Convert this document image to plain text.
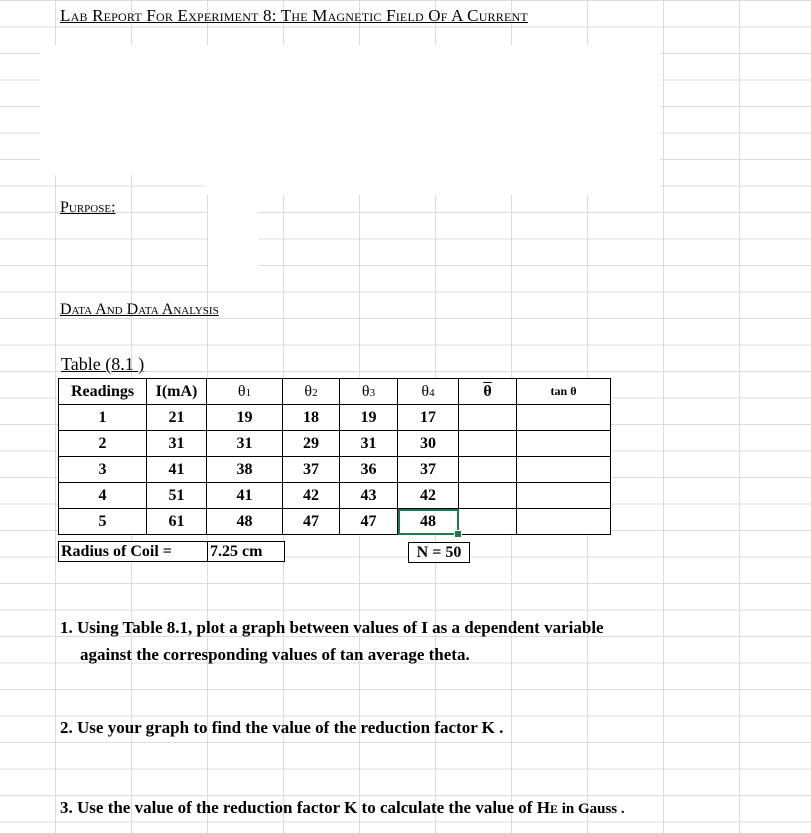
Lab Report For Experiment 8: The Magnetic Field Of A Current
Purpose:
Data And Data Analysis
Table (8.1 )
Readings	I(mA)	θ1	θ2	θ3	θ4	$\overline{\theta}$	tan θ
1	21	19	18	19	17		
2	31	31	29	31	30		
3	41	38	37	36	37		
4	51	41	42	43	42		
5	61	48	47	47	48

Radius of Coil =	7.25 cm	N = 50
1. Using Table 8.1, plot a graph between values of I as a dependent variable
against the corresponding values of tan average theta.
2. Use your graph to find the value of the reduction factor K .
3. Use the value of the reduction factor K to calculate the value of HE in Gauss .
